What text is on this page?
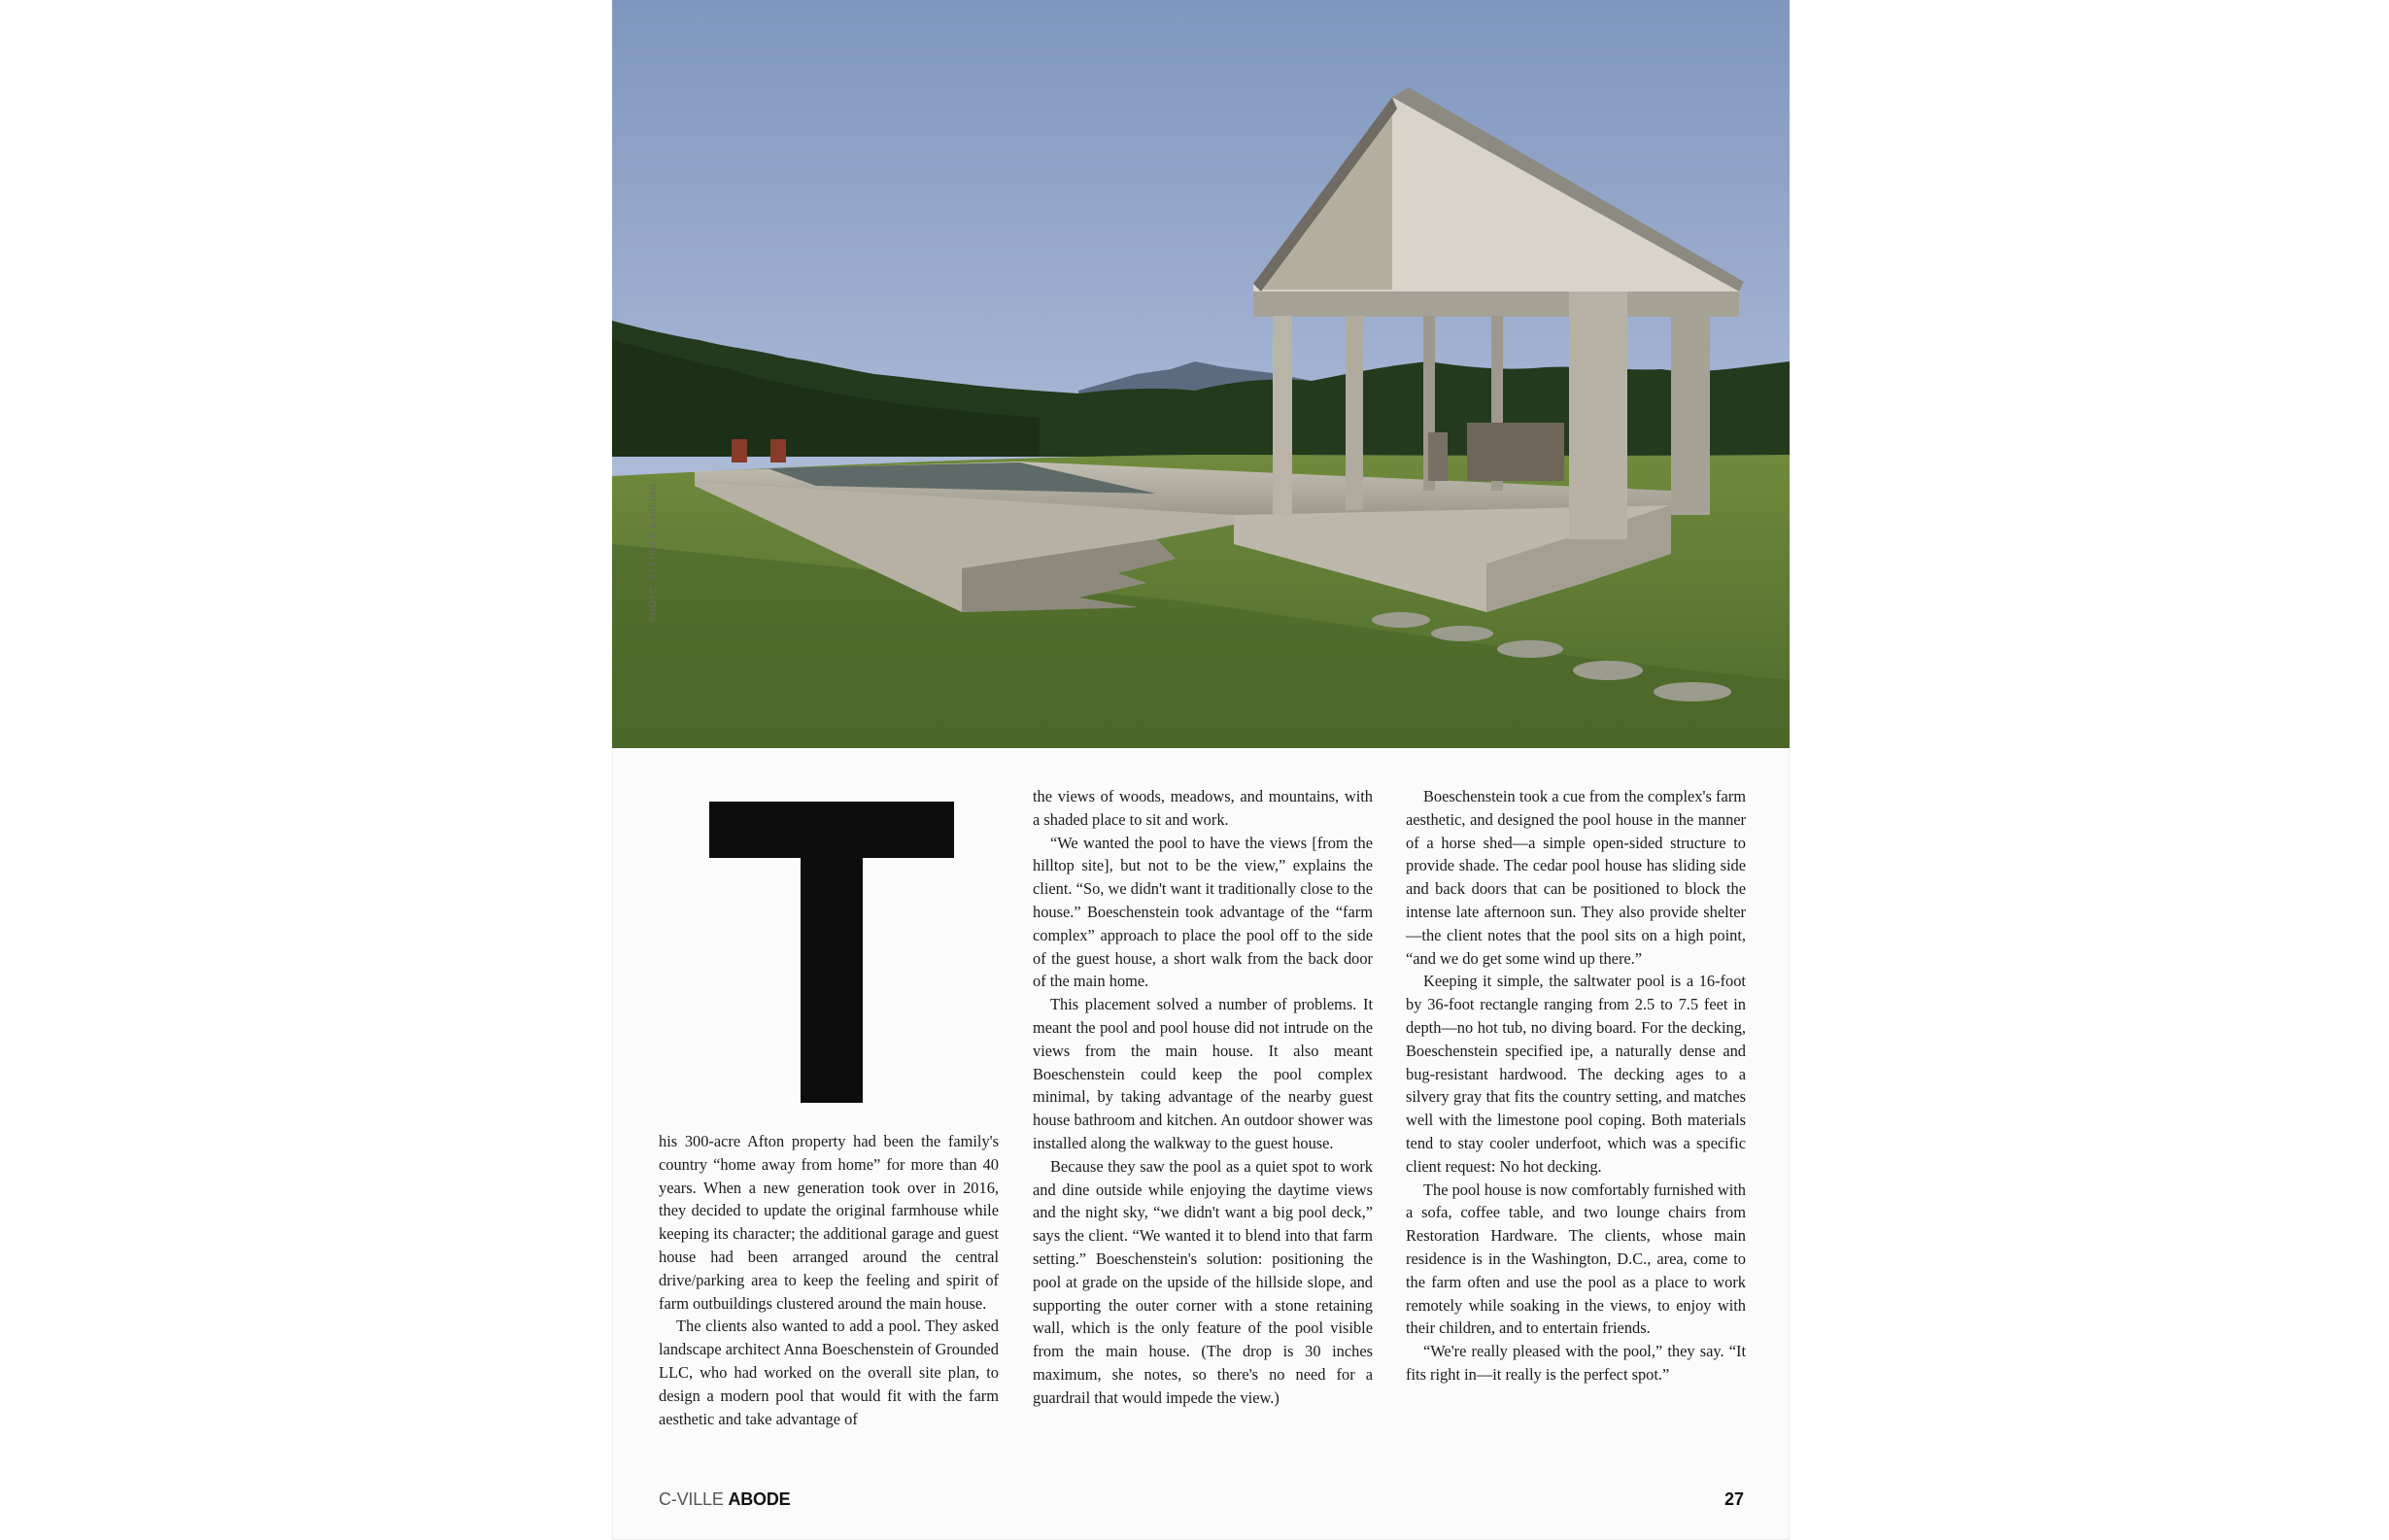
PHOTO: STEPHEN BARLING

his 300-acre Afton property had been the family's country “home away from home” for more than 40 years. When a new generation took over in 2016, they decided to update the original farmhouse while keeping its character; the additional garage and guest house had been arranged around the central drive/parking area to keep the feeling and spirit of farm outbuildings clustered around the main house.

The clients also wanted to add a pool. They asked landscape architect Anna Boeschenstein of Grounded LLC, who had worked on the overall site plan, to design a modern pool that would fit with the farm aesthetic and take advantage of

the views of woods, meadows, and mountains, with a shaded place to sit and work.

“We wanted the pool to have the views [from the hilltop site], but not to be the view,” explains the client. “So, we didn't want it traditionally close to the house.” Boeschenstein took advantage of the “farm complex” approach to place the pool off to the side of the guest house, a short walk from the back door of the main home.

This placement solved a number of problems. It meant the pool and pool house did not intrude on the views from the main house. It also meant Boeschenstein could keep the pool complex minimal, by taking advantage of the nearby guest house bathroom and kitchen. An outdoor shower was installed along the walkway to the guest house.

Because they saw the pool as a quiet spot to work and dine outside while enjoying the daytime views and the night sky, “we didn't want a big pool deck,” says the client. “We wanted it to blend into that farm setting.” Boeschenstein's solution: positioning the pool at grade on the upside of the hillside slope, and supporting the outer corner with a stone retaining wall, which is the only feature of the pool visible from the main house. (The drop is 30 inches maximum, she notes, so there's no need for a guardrail that would impede the view.)

Boeschenstein took a cue from the complex's farm aesthetic, and designed the pool house in the manner of a horse shed—a simple open-sided structure to provide shade. The cedar pool house has sliding side and back doors that can be positioned to block the intense late afternoon sun. They also provide shelter—the client notes that the pool sits on a high point, “and we do get some wind up there.”

Keeping it simple, the saltwater pool is a 16-foot by 36-foot rectangle ranging from 2.5 to 7.5 feet in depth—no hot tub, no diving board. For the decking, Boeschenstein specified ipe, a naturally dense and bug-resistant hardwood. The decking ages to a silvery gray that fits the country setting, and matches well with the limestone pool coping. Both materials tend to stay cooler underfoot, which was a specific client request: No hot decking.

The pool house is now comfortably furnished with a sofa, coffee table, and two lounge chairs from Restoration Hardware. The clients, whose main residence is in the Washington, D.C., area, come to the farm often and use the pool as a place to work remotely while soaking in the views, to enjoy with their children, and to entertain friends.

“We're really pleased with the pool,” they say. “It fits right in—it really is the perfect spot.”

C-VILLE ABODE	27
